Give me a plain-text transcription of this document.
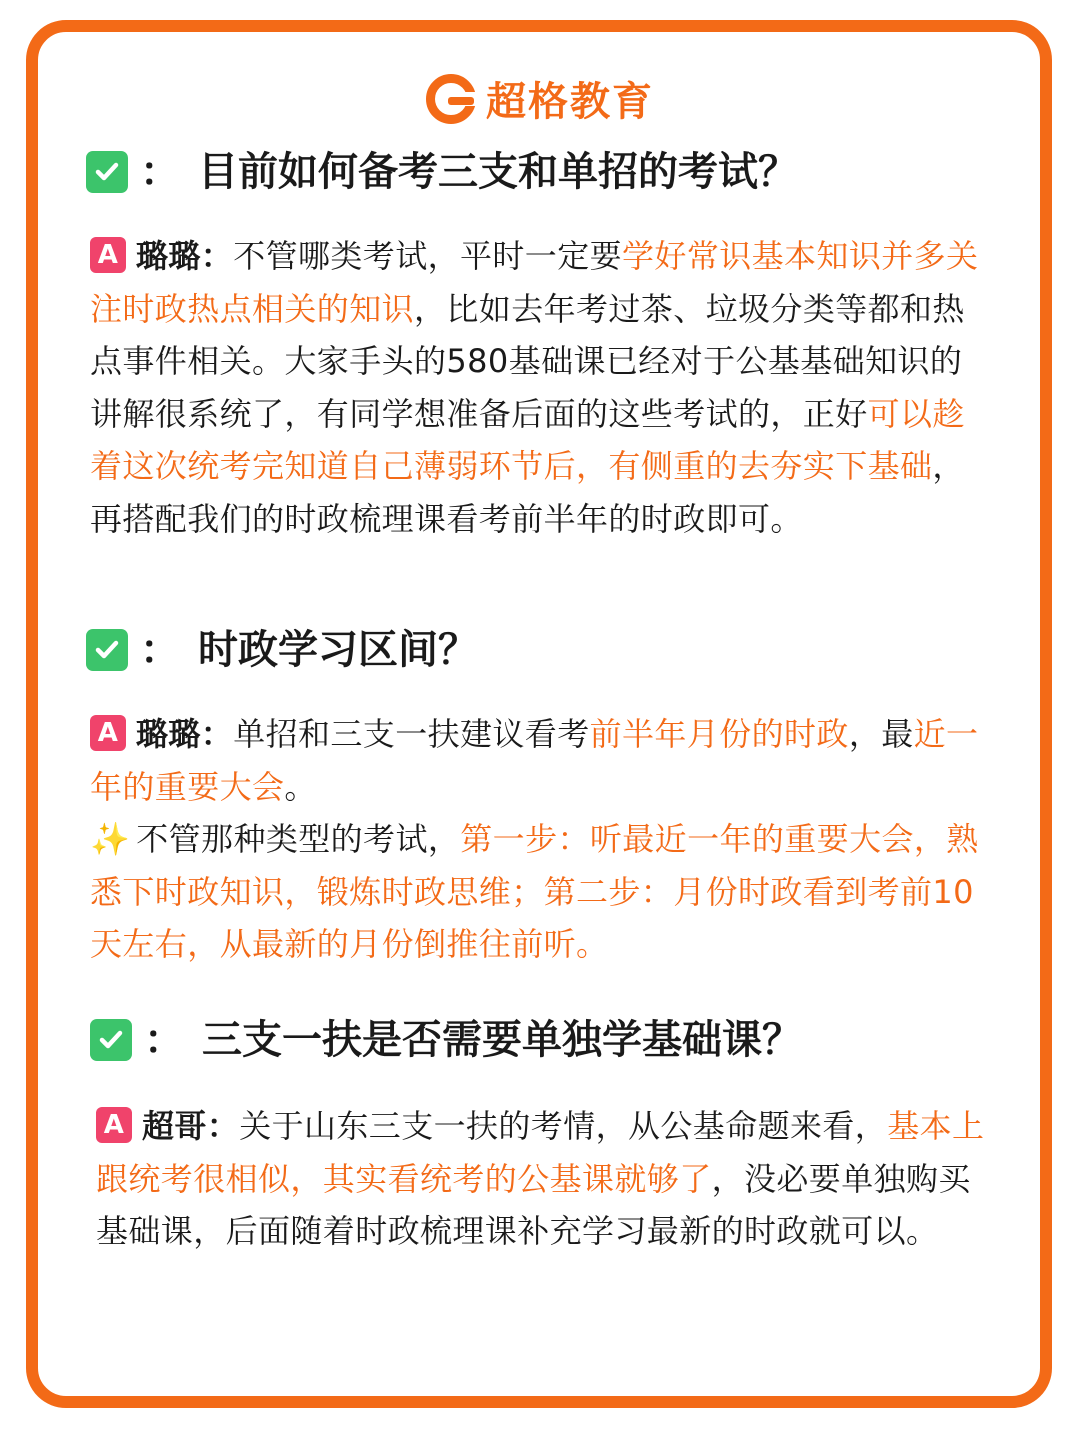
超格教育
： 目前如何备考三支和单招的考试？
A 璐璐：不管哪类考试，平时一定要学好常识基本知识并多关注时政热点相关的知识，比如去年考过茶、垃圾分类等都和热点事件相关。大家手头的580基础课已经对于公基基础知识的讲解很系统了，有同学想准备后面的这些考试的，正好可以趁着这次统考完知道自己薄弱环节后，有侧重的去夯实下基础，再搭配我们的时政梳理课看考前半年的时政即可。
： 时政学习区间？
A 璐璐：单招和三支一扶建议看考前半年月份的时政，最近一年的重要大会。
✨ 不管那种类型的考试，第一步：听最近一年的重要大会，熟悉下时政知识，锻炼时政思维；第二步：月份时政看到考前10天左右，从最新的月份倒推往前听。
： 三支一扶是否需要单独学基础课？
A 超哥：关于山东三支一扶的考情，从公基命题来看，基本上跟统考很相似，其实看统考的公基课就够了，没必要单独购买基础课，后面随着时政梳理课补充学习最新的时政就可以。
